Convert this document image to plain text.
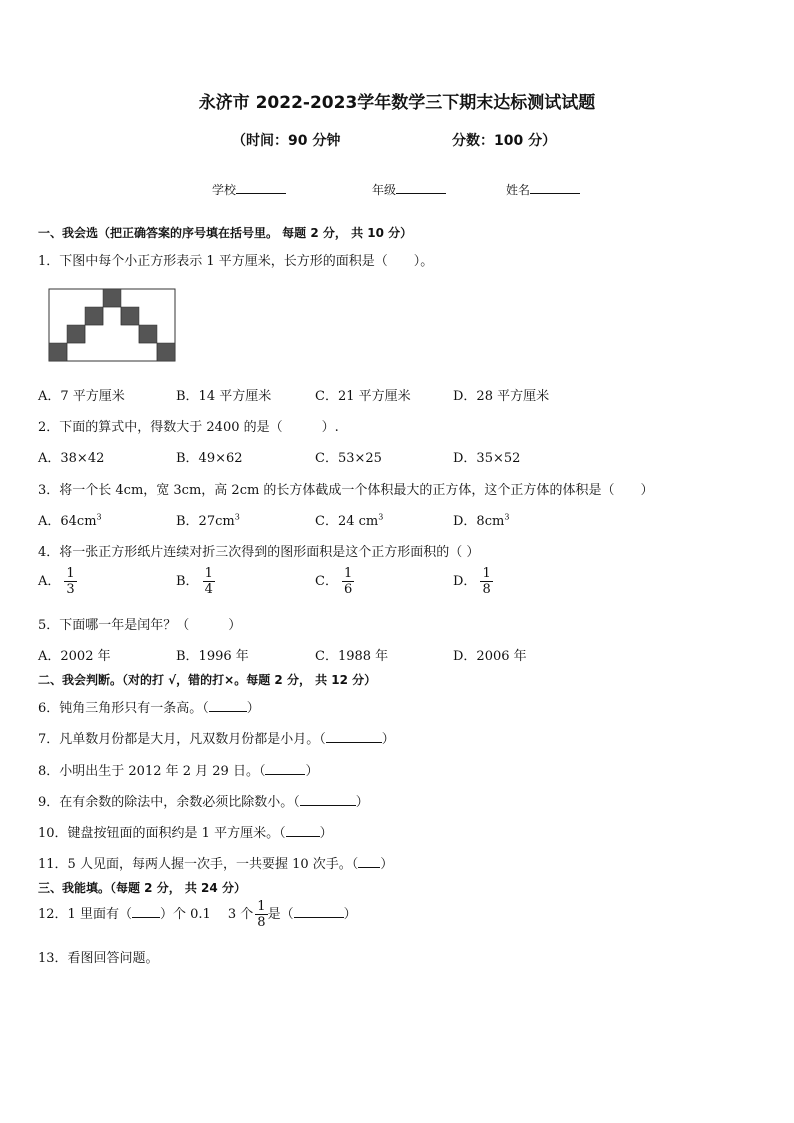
永济市 2022-2023学年数学三下期末达标测试试题
（时间：90 分钟	分数：100 分）
学校	年级	姓名
一、我会选（把正确答案的序号填在括号里。 每题 2 分， 共 10 分）
1．下图中每个小正方形表示 1 平方厘米，长方形的面积是（　　）。
A．7 平方厘米	B．14 平方厘米	C．21 平方厘米	D．28 平方厘米
2．下面的算式中，得数大于 2400 的是（　　　）.
A．38×42	B．49×62	C．53×25	D．35×52
3．将一个长 4cm，宽 3cm，高 2cm 的长方体截成一个体积最大的正方体，这个正方体的体积是（　　）
A．$64cm^3$	B．$27cm^3$	C．24 $cm^3$	D．$8cm^3$
4．将一张正方形纸片连续对折三次得到的图形面积是这个正方形面积的（ ）
A． $\frac{1}{3}$	B． $\frac{1}{4}$	C． $\frac{1}{6}$	D． $\frac{1}{8}$
5．下面哪一年是闰年？（　　　）
A．2002 年	B．1996 年	C．1988 年	D．2006 年
二、我会判断。（对的打 √，错的打×。每题 2 分， 共 12 分）
6．钝角三角形只有一条高。（	）
7．凡单数月份都是大月，凡双数月份都是小月。（	）
8．小明出生于 2012 年 2 月 29 日。（	）
9．在有余数的除法中，余数必须比除数小。（	）
10．键盘按钮面的面积约是 1 平方厘米。（	）
11．5 人见面，每两人握一次手，一共要握 10 次手。（ ）
三、我能填。（每题 2 分， 共 24 分）
12．1 里面有（ ）个 0.1　 3 个 $\frac{1}{8}$ 是（	）
13．看图回答问题。
